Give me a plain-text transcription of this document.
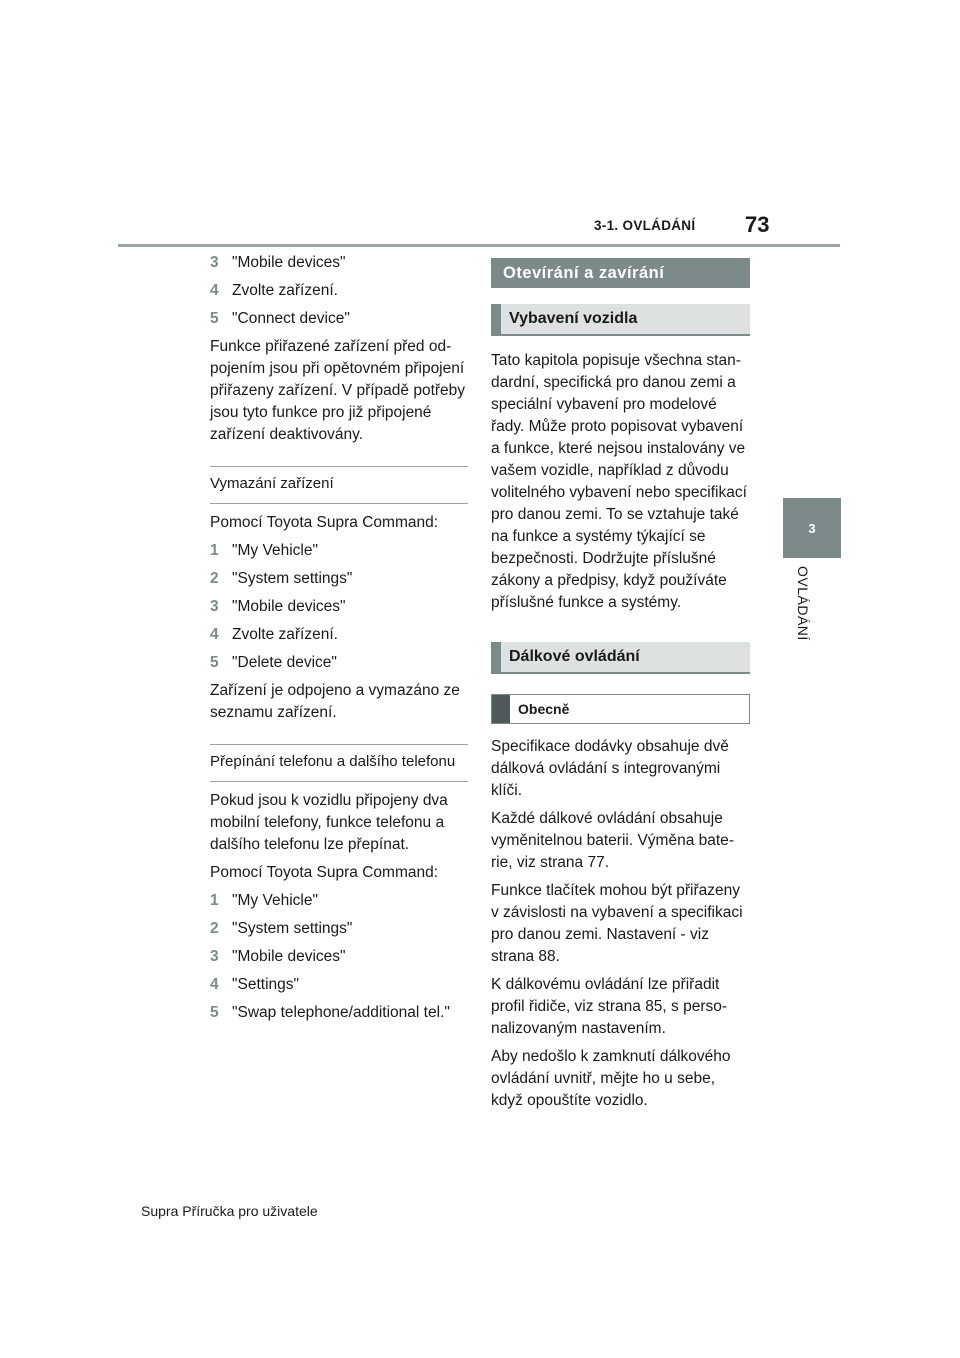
3-1. OVLÁDÁNÍ 73
3
OVLÁDÁNÍ
3 "Mobile devices"
4 Zvolte zařízení.
5 "Connect device"

Funkce přiřazené zařízení před odpojením jsou při opětovném připojení přiřazeny zařízení. V případě potřeby jsou tyto funkce pro již připojené zařízení deaktivovány.

Vymazání zařízení

Pomocí Toyota Supra Command:

1 "My Vehicle"
2 "System settings"
3 "Mobile devices"
4 Zvolte zařízení.
5 "Delete device"

Zařízení je odpojeno a vymazáno ze seznamu zařízení.

Přepínání telefonu a dalšího telefonu

Pokud jsou k vozidlu připojeny dva mobilní telefony, funkce telefonu a dalšího telefonu lze přepínat.

Pomocí Toyota Supra Command:

1 "My Vehicle"
2 "System settings"
3 "Mobile devices"
4 "Settings"
5 "Swap telephone/additional tel."
Otevírání a zavírání
Vybavení vozidla

Tato kapitola popisuje všechna standardní, specifická pro danou zemi a speciální vybavení pro modelové řady. Může proto popisovat vybavení a funkce, které nejsou instalovány ve vašem vozidle, například z důvodu volitelného vybavení nebo specifikací pro danou zemi. To se vztahuje také na funkce a systémy týkající se bezpečnosti. Dodržujte příslušné zákony a předpisy, když používáte příslušné funkce a systémy.

Dálkové ovládání
Obecně

Specifikace dodávky obsahuje dvě dálková ovládání s integrovanými klíči.

Každé dálkové ovládání obsahuje vyměnitelnou baterii. Výměna baterie, viz strana 77.

Funkce tlačítek mohou být přiřazeny v závislosti na vybavení a specifikaci pro danou zemi. Nastavení - viz strana 88.

K dálkovému ovládání lze přiřadit profil řidiče, viz strana 85, s personalizovaným nastavením.

Aby nedošlo k zamknutí dálkového ovládání uvnitř, mějte ho u sebe, když opouštíte vozidlo.

Supra Příručka pro uživatele
